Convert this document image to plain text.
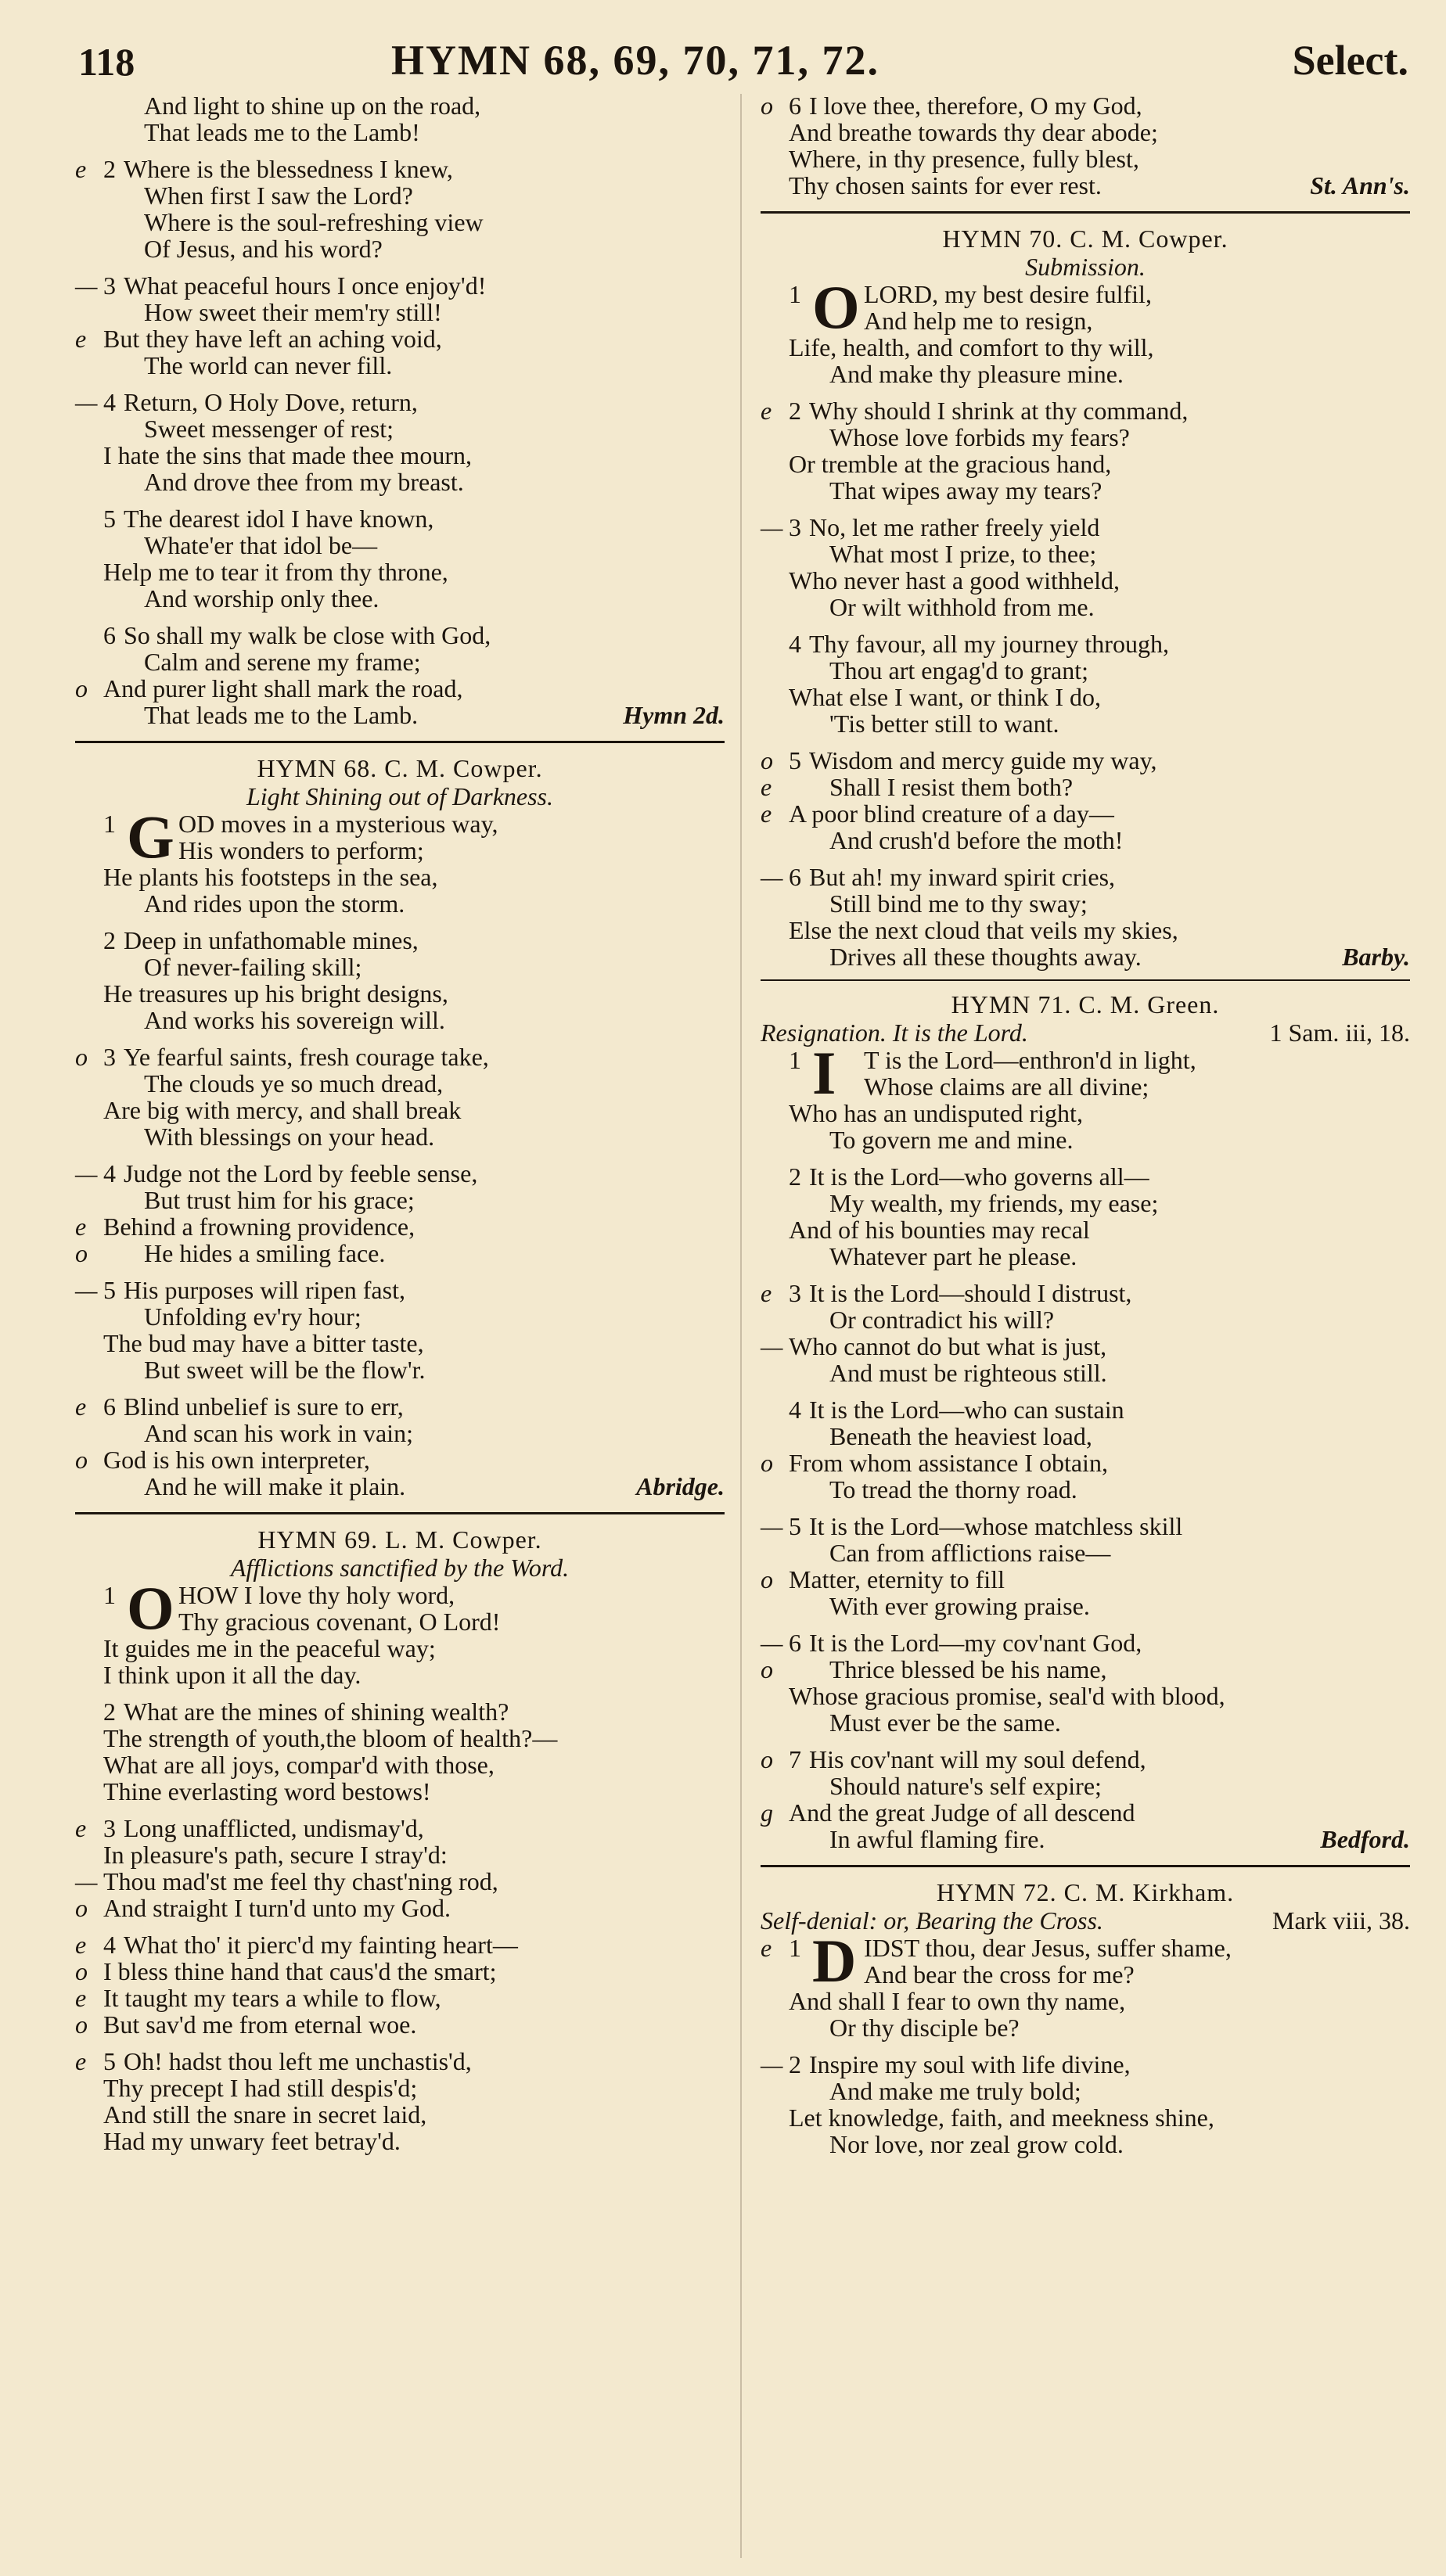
118	HYMN 68, 69, 70, 71, 72.	Select.
And light to shine up on the road,
That leads me to the Lamb!
e 2 Where is the blessedness I knew,
When first I saw the Lord?
Where is the soul-refreshing view
Of Jesus, and his word?
— 3 What peaceful hours I once enjoy'd!
How sweet their mem'ry still!
e But they have left an aching void,
The world can never fill.
— 4 Return, O Holy Dove, return,
Sweet messenger of rest;
I hate the sins that made thee mourn,
And drove thee from my breast.
5 The dearest idol I have known,
Whate'er that idol be—
Help me to tear it from thy throne,
And worship only thee.
6 So shall my walk be close with God,
Calm and serene my frame;
o And purer light shall mark the road,
That leads me to the Lamb.	Hymn 2d.
HYMN 68. C. M. Cowper.
Light Shining out of Darkness.
G
1	OD moves in a mysterious way,
His wonders to perform;
He plants his footsteps in the sea,
And rides upon the storm.
2 Deep in unfathomable mines,
Of never-failing skill;
He treasures up his bright designs,
And works his sovereign will.
o 3 Ye fearful saints, fresh courage take,
The clouds ye so much dread,
Are big with mercy, and shall break
With blessings on your head.
— 4 Judge not the Lord by feeble sense,
But trust him for his grace;
e Behind a frowning providence,
o	He hides a smiling face.
— 5 His purposes will ripen fast,
Unfolding ev'ry hour;
The bud may have a bitter taste,
But sweet will be the flow'r.
e 6 Blind unbelief is sure to err,
And scan his work in vain;
o God is his own interpreter,
And he will make it plain.	Abridge.
HYMN 69. L. M. Cowper.
Afflictions sanctified by the Word.
O
1	HOW I love thy holy word,
Thy gracious covenant, O Lord!
It guides me in the peaceful way;
I think upon it all the day.
2 What are the mines of shining wealth?
The strength of youth,the bloom of health?—
What are all joys, compar'd with those,
Thine everlasting word bestows!
e 3 Long unafflicted, undismay'd,
In pleasure's path, secure I stray'd:
— Thou mad'st me feel thy chast'ning rod,
o And straight I turn'd unto my God.
e 4 What tho' it pierc'd my fainting heart—
o I bless thine hand that caus'd the smart;
e It taught my tears a while to flow,
o But sav'd me from eternal woe.
e 5 Oh! hadst thou left me unchastis'd,
Thy precept I had still despis'd;
And still the snare in secret laid,
Had my unwary feet betray'd.
o 6 I love thee, therefore, O my God,
And breathe towards thy dear abode;
Where, in thy presence, fully blest,
Thy chosen saints for ever rest.	St. Ann's.
HYMN 70. C. M. Cowper.
Submission.
O
1	LORD, my best desire fulfil,
And help me to resign,
Life, health, and comfort to thy will,
And make thy pleasure mine.
e 2 Why should I shrink at thy command,
Whose love forbids my fears?
Or tremble at the gracious hand,
That wipes away my tears?
— 3 No, let me rather freely yield
What most I prize, to thee;
Who never hast a good withheld,
Or wilt withhold from me.
4 Thy favour, all my journey through,
Thou art engag'd to grant;
What else I want, or think I do,
'Tis better still to want.
o 5 Wisdom and mercy guide my way,
e	Shall I resist them both?
e A poor blind creature of a day—
And crush'd before the moth!
— 6 But ah! my inward spirit cries,
Still bind me to thy sway;
Else the next cloud that veils my skies,
Drives all these thoughts away.	Barby.
HYMN 71. C. M. Green.
Resignation. It is the Lord.	1 Sam. iii, 18.
I
1	T is the Lord—enthron'd in light,
Whose claims are all divine;
Who has an undisputed right,
To govern me and mine.
2 It is the Lord—who governs all—
My wealth, my friends, my ease;
And of his bounties may recal
Whatever part he please.
e 3 It is the Lord—should I distrust,
Or contradict his will?
— Who cannot do but what is just,
And must be righteous still.
4 It is the Lord—who can sustain
Beneath the heaviest load,
o From whom assistance I obtain,
To tread the thorny road.
— 5 It is the Lord—whose matchless skill
Can from afflictions raise—
o Matter, eternity to fill
With ever growing praise.
— 6 It is the Lord—my cov'nant God,
o	Thrice blessed be his name,
Whose gracious promise, seal'd with blood,
Must ever be the same.
o 7 His cov'nant will my soul defend,
Should nature's self expire;
g And the great Judge of all descend
In awful flaming fire.	Bedford.
HYMN 72. C. M. Kirkham.
Self-denial: or, Bearing the Cross.	Mark viii, 38.
e D
1	IDST thou, dear Jesus, suffer shame,
And bear the cross for me?
And shall I fear to own thy name,
Or thy disciple be?
— 2 Inspire my soul with life divine,
And make me truly bold;
Let knowledge, faith, and meekness shine,
Nor love, nor zeal grow cold.
